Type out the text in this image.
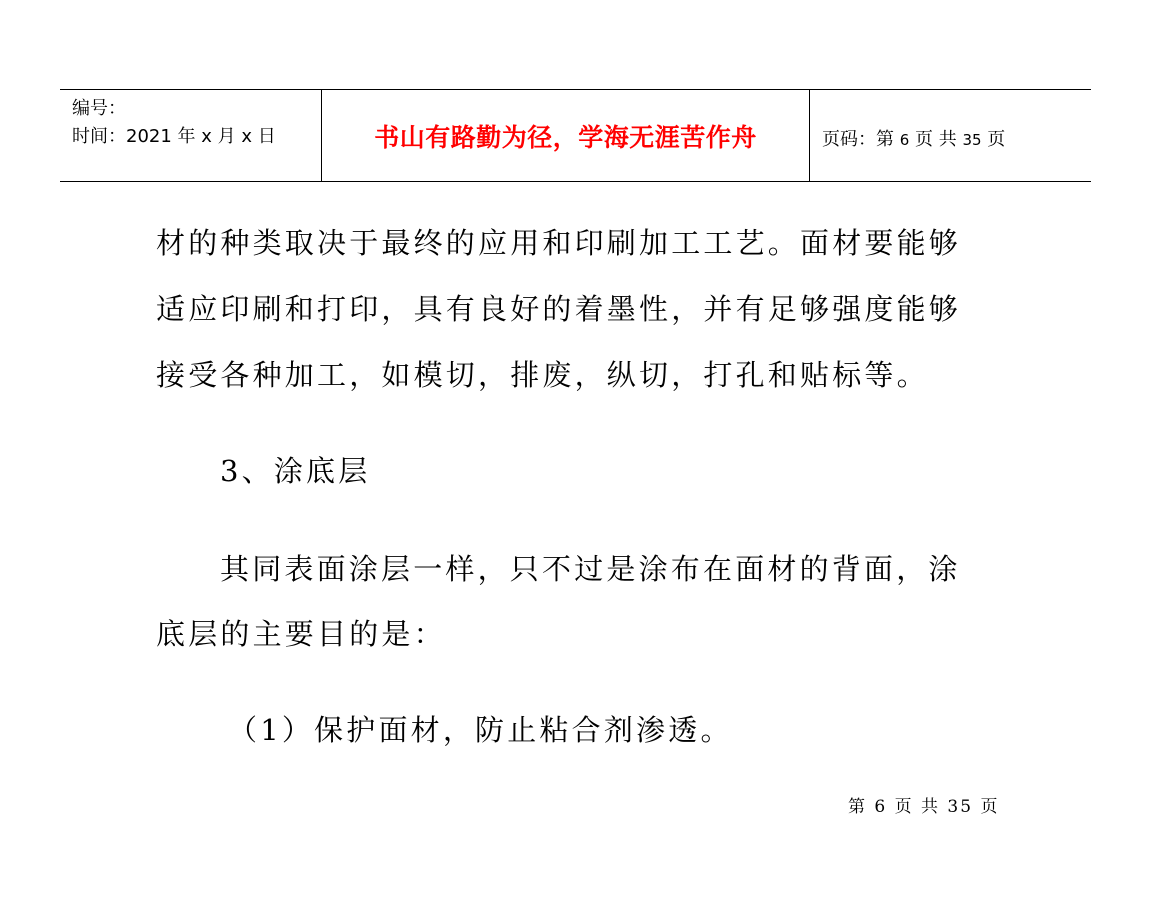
编号：
时间：2021 年 x 月 x 日	书山有路勤为径，学海无涯苦作舟	页码：第 6 页 共 35 页
材的种类取决于最终的应用和印刷加工工艺。面材要能够
适应印刷和打印，具有良好的着墨性，并有足够强度能够
接受各种加工，如模切，排废，纵切，打孔和贴标等。
3、涂底层
其同表面涂层一样，只不过是涂布在面材的背面，涂
底层的主要目的是：
（1）保护面材，防止粘合剂渗透。
第 6 页 共 35 页
